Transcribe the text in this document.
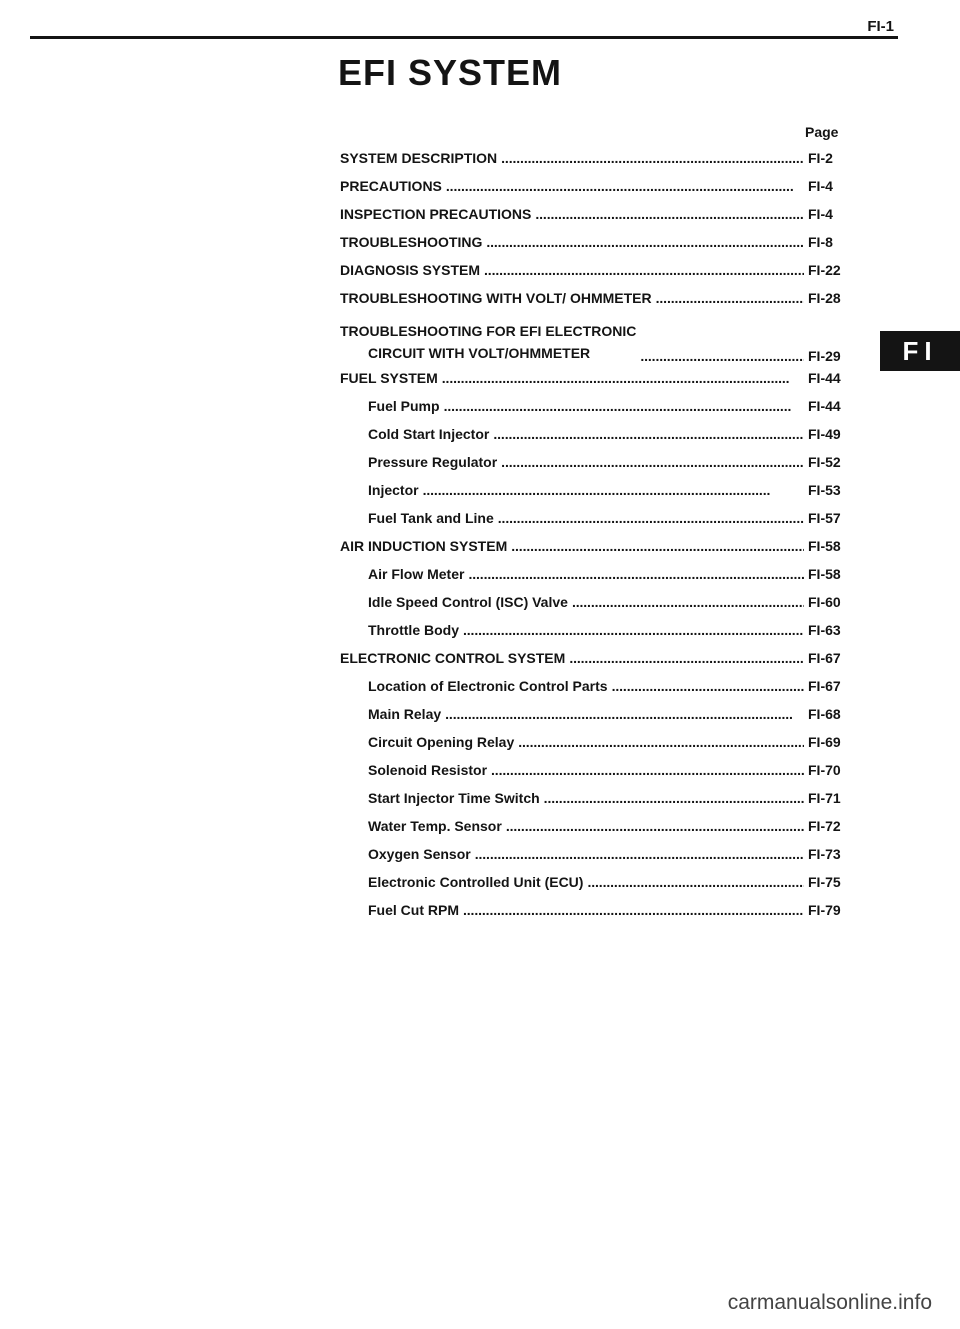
FI-1
EFI SYSTEM
FI
Page
SYSTEM DESCRIPTION . . .	FI-2
PRECAUTIONS . . .	FI-4
INSPECTION PRECAUTIONS . . .	FI-4
TROUBLESHOOTING . . .	FI-8
DIAGNOSIS SYSTEM . . .	FI-22
TROUBLESHOOTING WITH VOLT/ OHMMETER . . .	FI-28
TROUBLESHOOTING FOR EFI ELECTRONIC
CIRCUIT WITH VOLT/OHMMETER . . .	FI-29
FUEL SYSTEM . . .	FI-44
Fuel Pump . . .	FI-44
Cold Start Injector . . .	FI-49
Pressure Regulator . . .	FI-52
Injector . . .	FI-53
Fuel Tank and Line . . .	FI-57
AIR INDUCTION SYSTEM . . .	FI-58
Air Flow Meter . . .	FI-58
Idle Speed Control (ISC) Valve . . .	FI-60
Throttle Body . . .	FI-63
ELECTRONIC CONTROL SYSTEM . . .	FI-67
Location of Electronic Control Parts . . .	FI-67
Main Relay . . .	FI-68
Circuit Opening Relay . . .	FI-69
Solenoid Resistor . . .	FI-70
Start Injector Time Switch . . .	FI-71
Water Temp. Sensor . . .	FI-72
Oxygen Sensor . . .	FI-73
Electronic Controlled Unit (ECU) . . .	FI-75
Fuel Cut RPM . . .	FI-79
carmanualsonline.info
